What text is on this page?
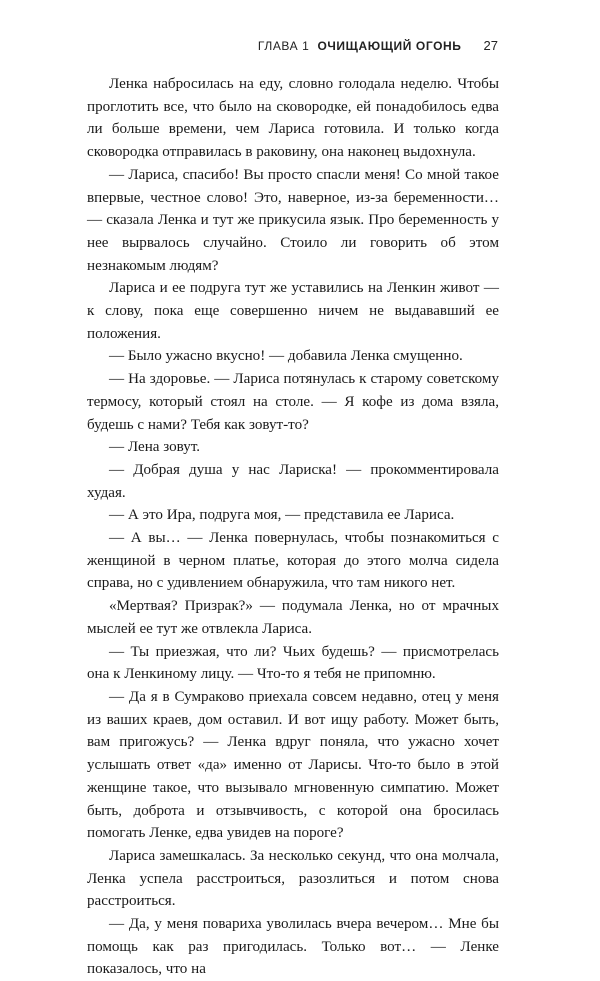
ГЛАВА 1 ОЧИЩАЮЩИЙ ОГОНЬ 27

Ленка набросилась на еду, словно голодала неделю. Чтобы проглотить все, что было на сковородке, ей понадобилось едва ли больше времени, чем Лариса готовила. И только когда сковородка отправилась в раковину, она наконец выдохнула.

— Лариса, спасибо! Вы просто спасли меня! Со мной такое впервые, честное слово! Это, наверное, из-за беременности… — сказала Ленка и тут же прикусила язык. Про беременность у нее вырвалось случайно. Стоило ли говорить об этом незнакомым людям?

Лариса и ее подруга тут же уставились на Ленкин живот — к слову, пока еще совершенно ничем не выдававший ее положения.

— Было ужасно вкусно! — добавила Ленка смущенно.

— На здоровье. — Лариса потянулась к старому советскому термосу, который стоял на столе. — Я кофе из дома взяла, будешь с нами? Тебя как зовут-то?

— Лена зовут.

— Добрая душа у нас Лариска! — прокомментировала худая.

— А это Ира, подруга моя, — представила ее Лариса.

— А вы… — Ленка повернулась, чтобы познакомиться с женщиной в черном платье, которая до этого молча сидела справа, но с удивлением обнаружила, что там никого нет.

«Мертвая? Призрак?» — подумала Ленка, но от мрачных мыслей ее тут же отвлекла Лариса.

— Ты приезжая, что ли? Чьих будешь? — присмотрелась она к Ленкиному лицу. — Что-то я тебя не припомню.

— Да я в Сумраково приехала совсем недавно, отец у меня из ваших краев, дом оставил. И вот ищу работу. Может быть, вам пригожусь? — Ленка вдруг поняла, что ужасно хочет услышать ответ «да» именно от Ларисы. Что-то было в этой женщине такое, что вызывало мгновенную симпатию. Может быть, доброта и отзывчивость, с которой она бросилась помогать Ленке, едва увидев на пороге?

Лариса замешкалась. За несколько секунд, что она молчала, Ленка успела расстроиться, разозлиться и потом снова расстроиться.

— Да, у меня повариха уволилась вчера вечером… Мне бы помощь как раз пригодилась. Только вот… — Ленке показалось, что на
